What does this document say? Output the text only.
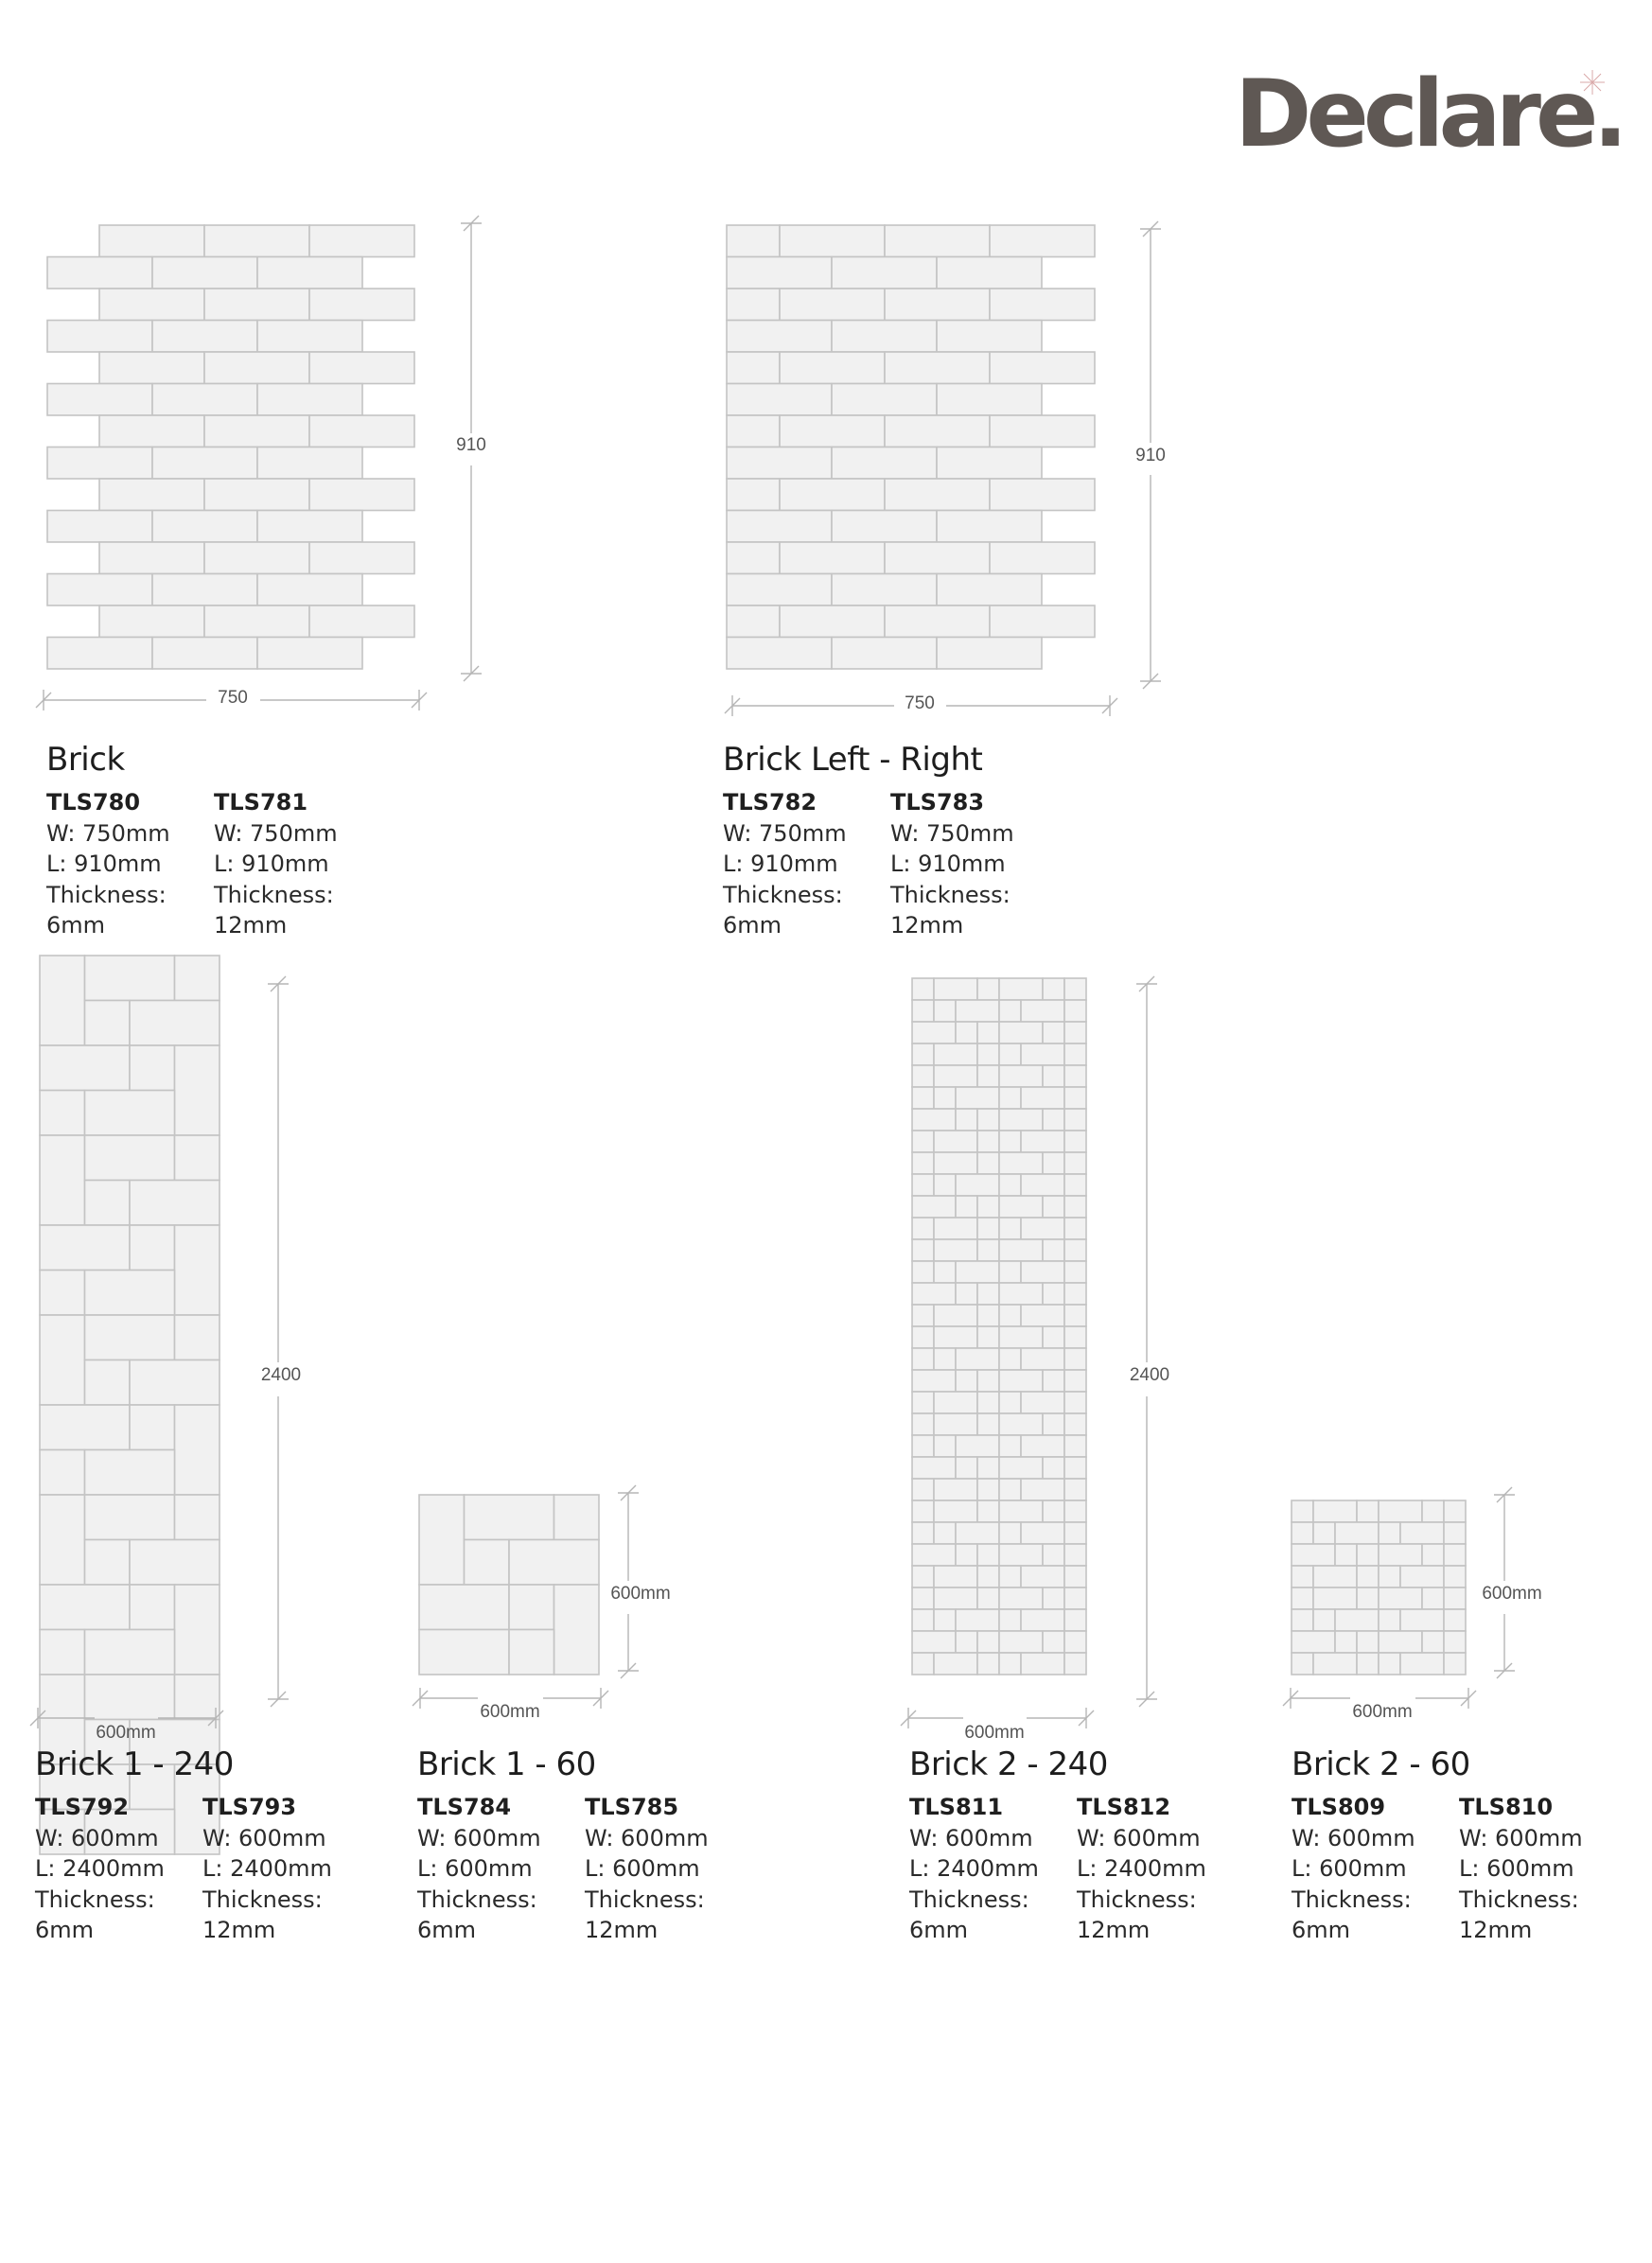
Declare.
750
910
750
910
600mm
2400
600mm
600mm
600mm
2400
600mm
600mm
Brick
TLS780
W: 750mm
L: 910mm
Thickness:
6mm
TLS781
W: 750mm
L: 910mm
Thickness:
12mm
Brick Left - Right
TLS782
W: 750mm
L: 910mm
Thickness:
6mm
TLS783
W: 750mm
L: 910mm
Thickness:
12mm
Brick 1 - 240
TLS792
W: 600mm
L: 2400mm
Thickness:
6mm
TLS793
W: 600mm
L: 2400mm
Thickness:
12mm
Brick 1 - 60
TLS784
W: 600mm
L: 600mm
Thickness:
6mm
TLS785
W: 600mm
L: 600mm
Thickness:
12mm
Brick 2 - 240
TLS811
W: 600mm
L: 2400mm
Thickness:
6mm
TLS812
W: 600mm
L: 2400mm
Thickness:
12mm
Brick 2 - 60
TLS809
W: 600mm
L: 600mm
Thickness:
6mm
TLS810
W: 600mm
L: 600mm
Thickness:
12mm
